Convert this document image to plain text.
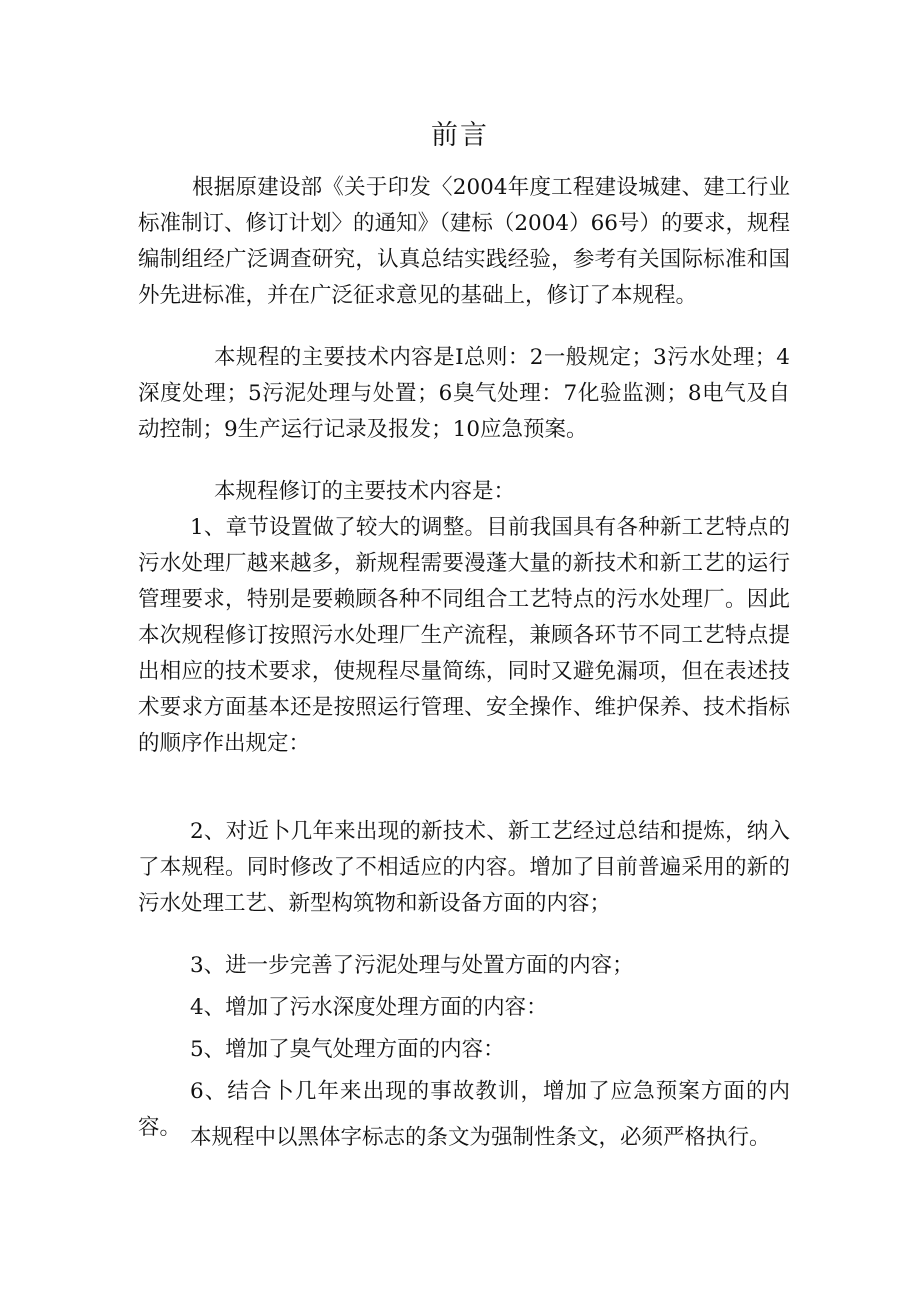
前言

根据原建设部《关于印发〈2004年度工程建设城建、建工行业标准制订、修订计划〉的通知》（建标（2004）66号）的要求，规程编制组经广泛调查研究，认真总结实践经验，参考有关国际标准和国外先进标准，并在广泛征求意见的基础上，修订了本规程。

本规程的主要技术内容是I总则：2一般规定；3污水处理；4深度处理；5污泥处理与处置；6臭气处理：7化验监测；8电气及自动控制；9生产运行记录及报发；10应急预案。

本规程修订的主要技术内容是：

1、章节设置做了较大的调整。目前我国具有各种新工艺特点的污水处理厂越来越多，新规程需要漫蓬大量的新技术和新工艺的运行管理要求，特别是要赖顾各种不同组合工艺特点的污水处理厂。因此本次规程修订按照污水处理厂生产流程，兼顾各环节不同工艺特点提出相应的技术要求，使规程尽量简练，同时又避免漏项，但在表述技术要求方面基本还是按照运行管理、安全操作、维护保养、技术指标的顺序作出规定：

2、对近卜几年来出现的新技术、新工艺经过总结和提炼，纳入了本规程。同时修改了不相适应的内容。增加了目前普遍采用的新的污水处理工艺、新型构筑物和新设备方面的内容；

3、进一步完善了污泥处理与处置方面的内容；

4、增加了污水深度处理方面的内容：

5、增加了臭气处理方面的内容：

6、结合卜几年来出现的事故教训，增加了应急预案方面的内容。 本规程中以黑体字标志的条文为强制性条文，必须严格执行。
